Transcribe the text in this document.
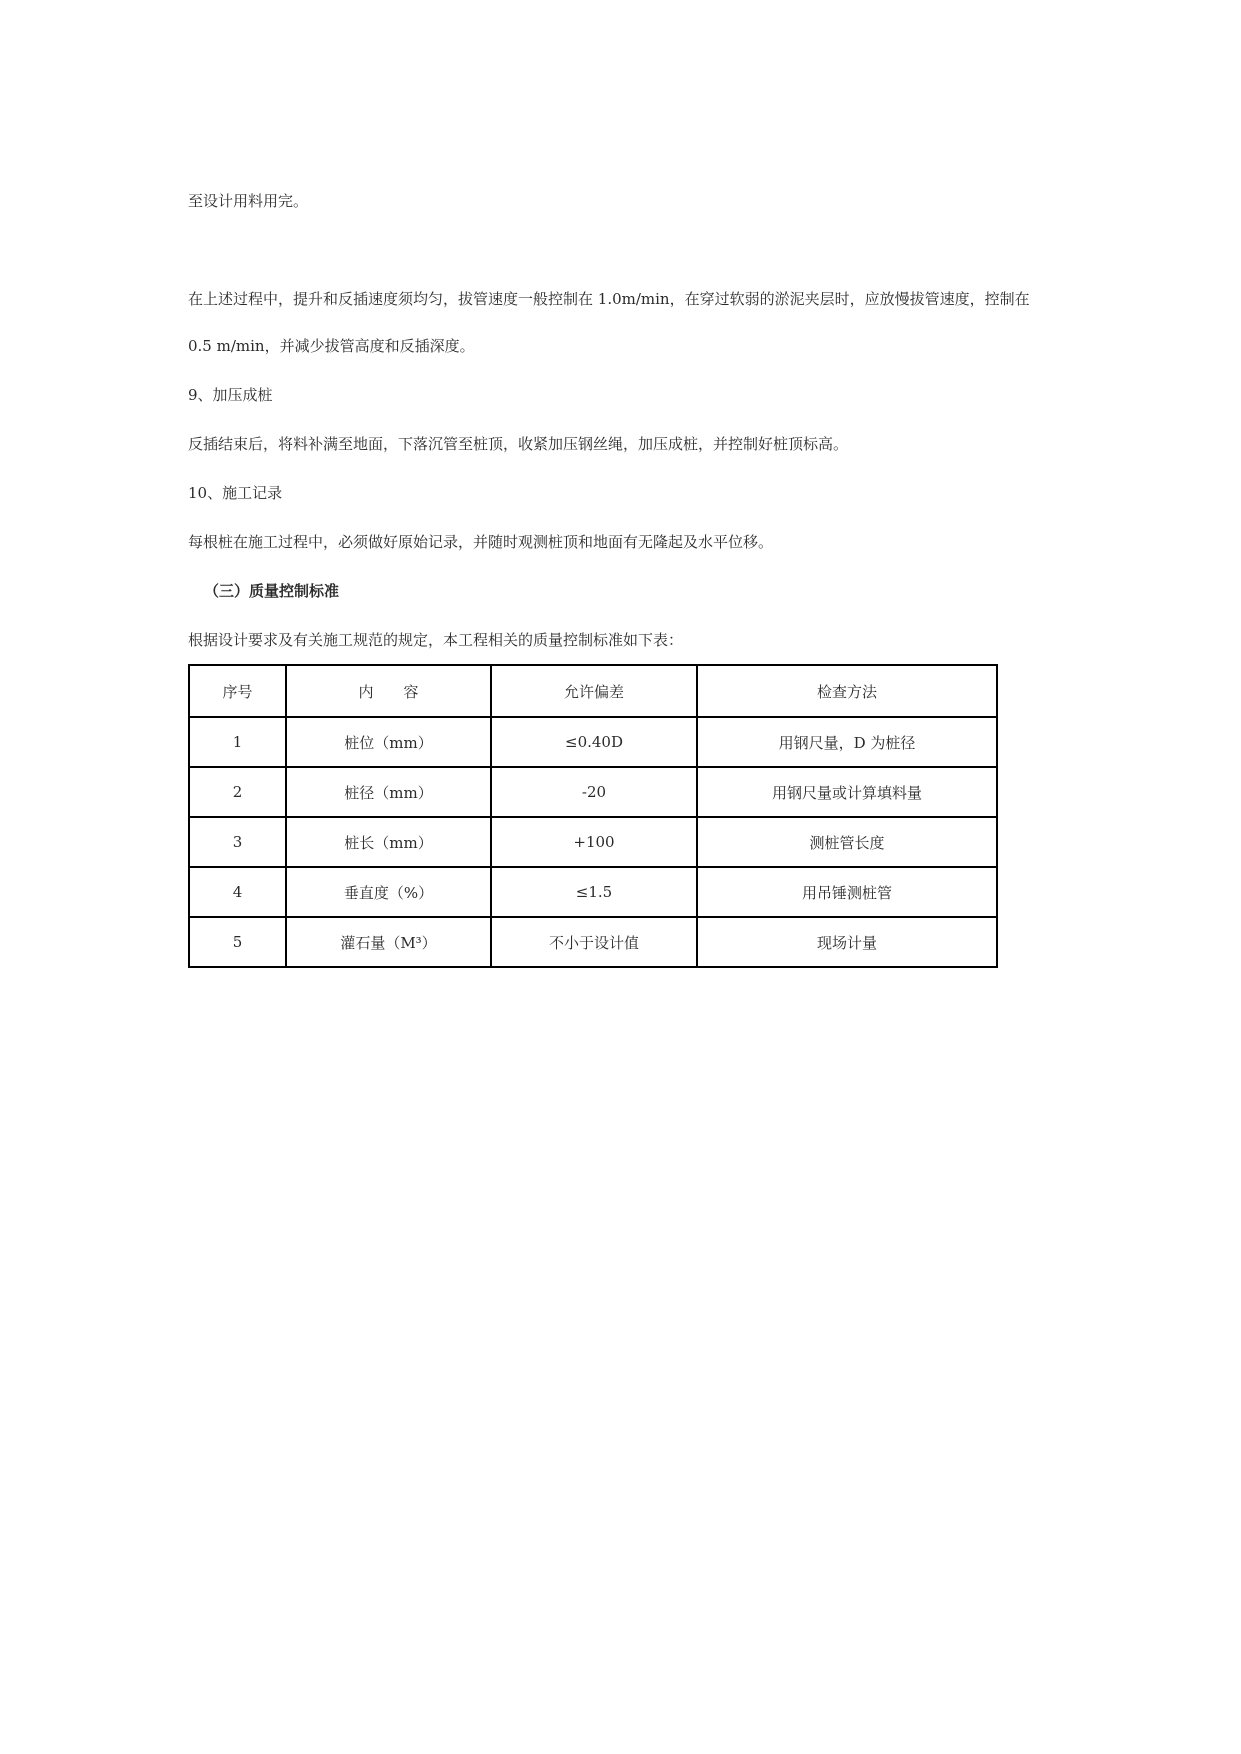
至设计用料用完。
在上述过程中，提升和反插速度须均匀，拔管速度一般控制在 1.0m/min，在穿过软弱的淤泥夹层时，应放慢拔管速度，控制在
0.5 m/min，并减少拔管高度和反插深度。
9、加压成桩
反插结束后，将料补满至地面，下落沉管至桩顶，收紧加压钢丝绳，加压成桩，并控制好桩顶标高。
10、施工记录
每根桩在施工过程中，必须做好原始记录，并随时观测桩顶和地面有无隆起及水平位移。
（三）质量控制标准
根据设计要求及有关施工规范的规定，本工程相关的质量控制标准如下表：
序号	内　　容	允许偏差	检查方法
1	桩位（mm）	≤0.40D	用钢尺量，D 为桩径
2	桩径（mm）	-20	用钢尺量或计算填料量
3	桩长（mm）	+100	测桩管长度
4	垂直度（%）	≤1.5	用吊锤测桩管
5	灌石量（M³）	不小于设计值	现场计量
